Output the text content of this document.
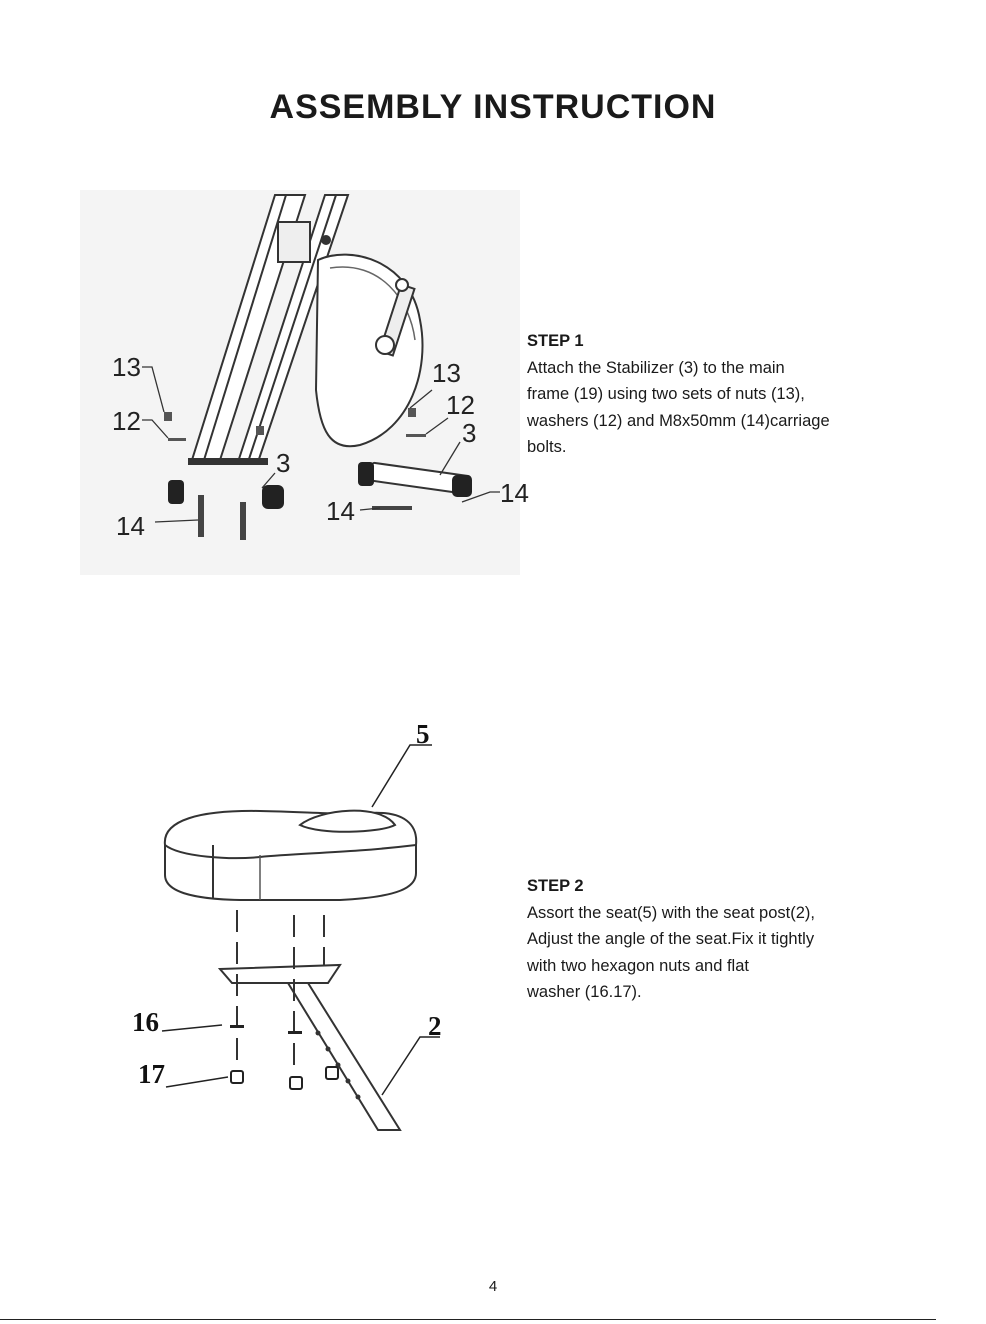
ASSEMBLY INSTRUCTION
13
12
14
3
13
12
3
14
14
STEP 1
Attach the Stabilizer (3) to the main
frame (19) using two sets of nuts (13),
washers (12) and M8x50mm (14)carriage
bolts.
5
16
17
2
STEP 2
Assort the seat(5) with the seat post(2),
Adjust the angle of the seat.Fix it tightly
with two hexagon nuts and flat
washer (16.17).
4
